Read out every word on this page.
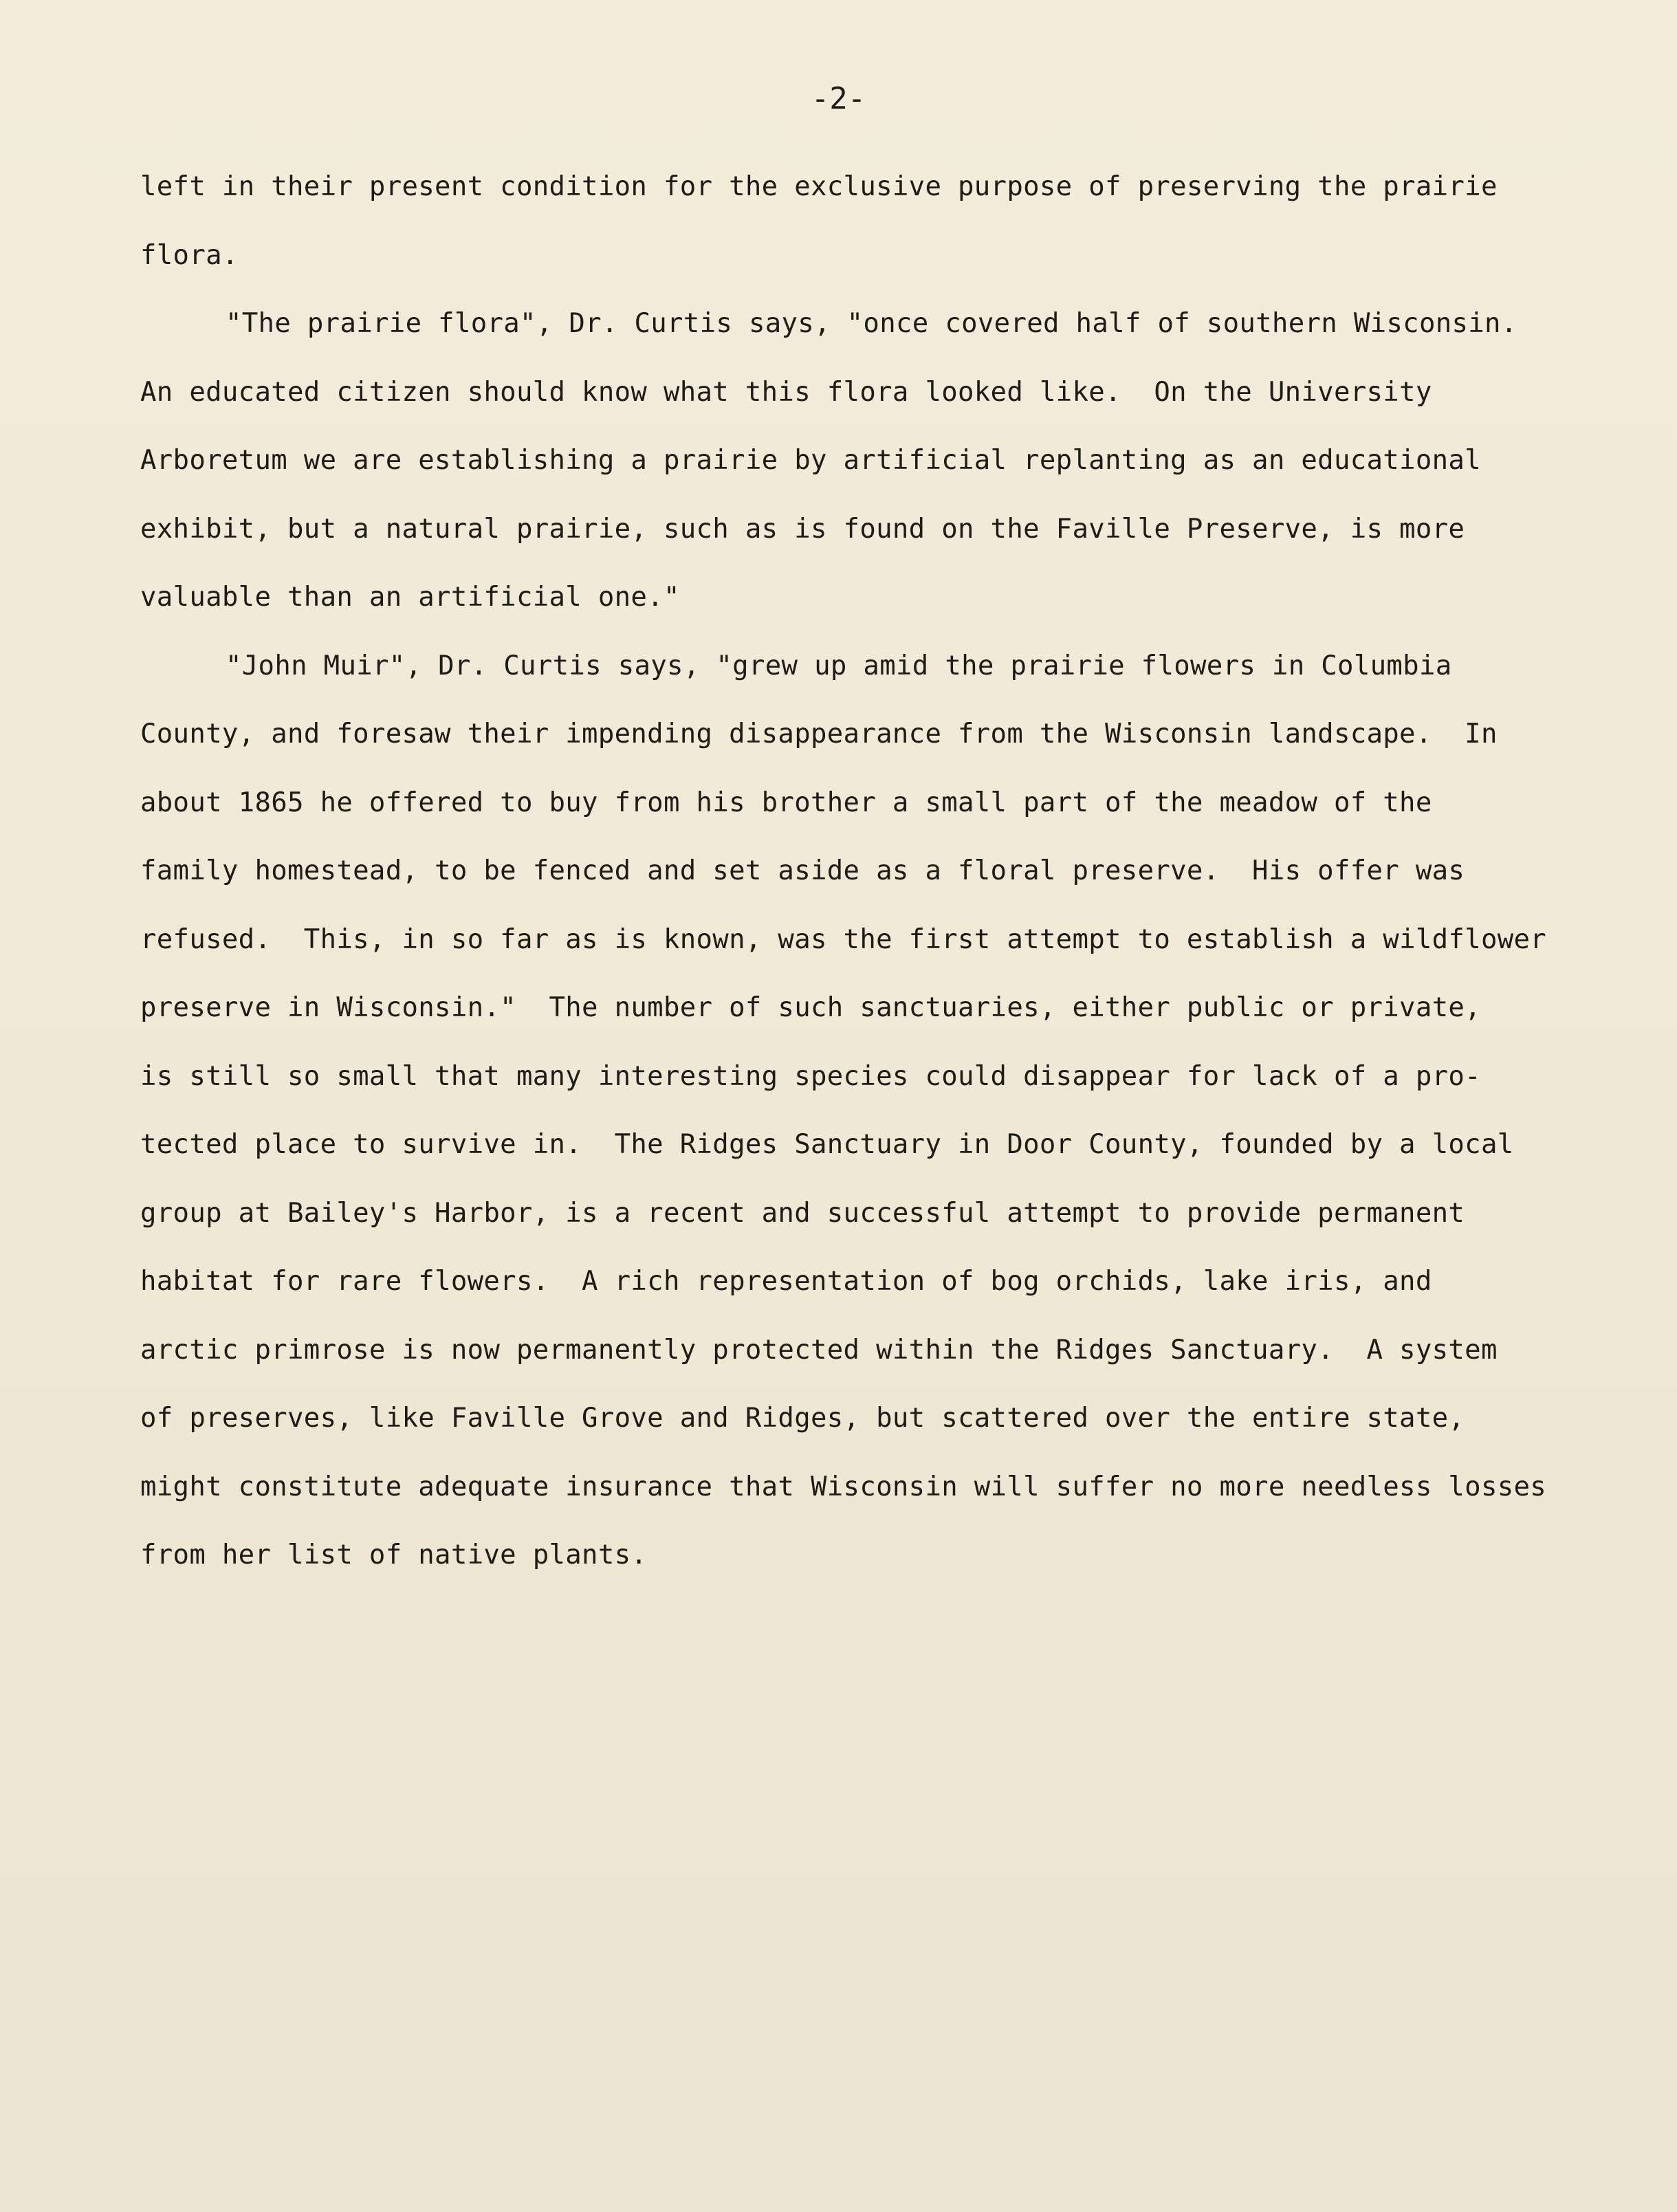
-2-
left in their present condition for the exclusive purpose of preserving the prairie
flora.
"The prairie flora", Dr. Curtis says, "once covered half of southern Wisconsin.
An educated citizen should know what this flora looked like.  On the University
Arboretum we are establishing a prairie by artificial replanting as an educational
exhibit, but a natural prairie, such as is found on the Faville Preserve, is more
valuable than an artificial one."
"John Muir", Dr. Curtis says, "grew up amid the prairie flowers in Columbia
County, and foresaw their impending disappearance from the Wisconsin landscape.  In
about 1865 he offered to buy from his brother a small part of the meadow of the
family homestead, to be fenced and set aside as a floral preserve.  His offer was
refused.  This, in so far as is known, was the first attempt to establish a wildflower
preserve in Wisconsin."  The number of such sanctuaries, either public or private,
is still so small that many interesting species could disappear for lack of a pro-
tected place to survive in.  The Ridges Sanctuary in Door County, founded by a local
group at Bailey's Harbor, is a recent and successful attempt to provide permanent
habitat for rare flowers.  A rich representation of bog orchids, lake iris, and
arctic primrose is now permanently protected within the Ridges Sanctuary.  A system
of preserves, like Faville Grove and Ridges, but scattered over the entire state,
might constitute adequate insurance that Wisconsin will suffer no more needless losses
from her list of native plants.
